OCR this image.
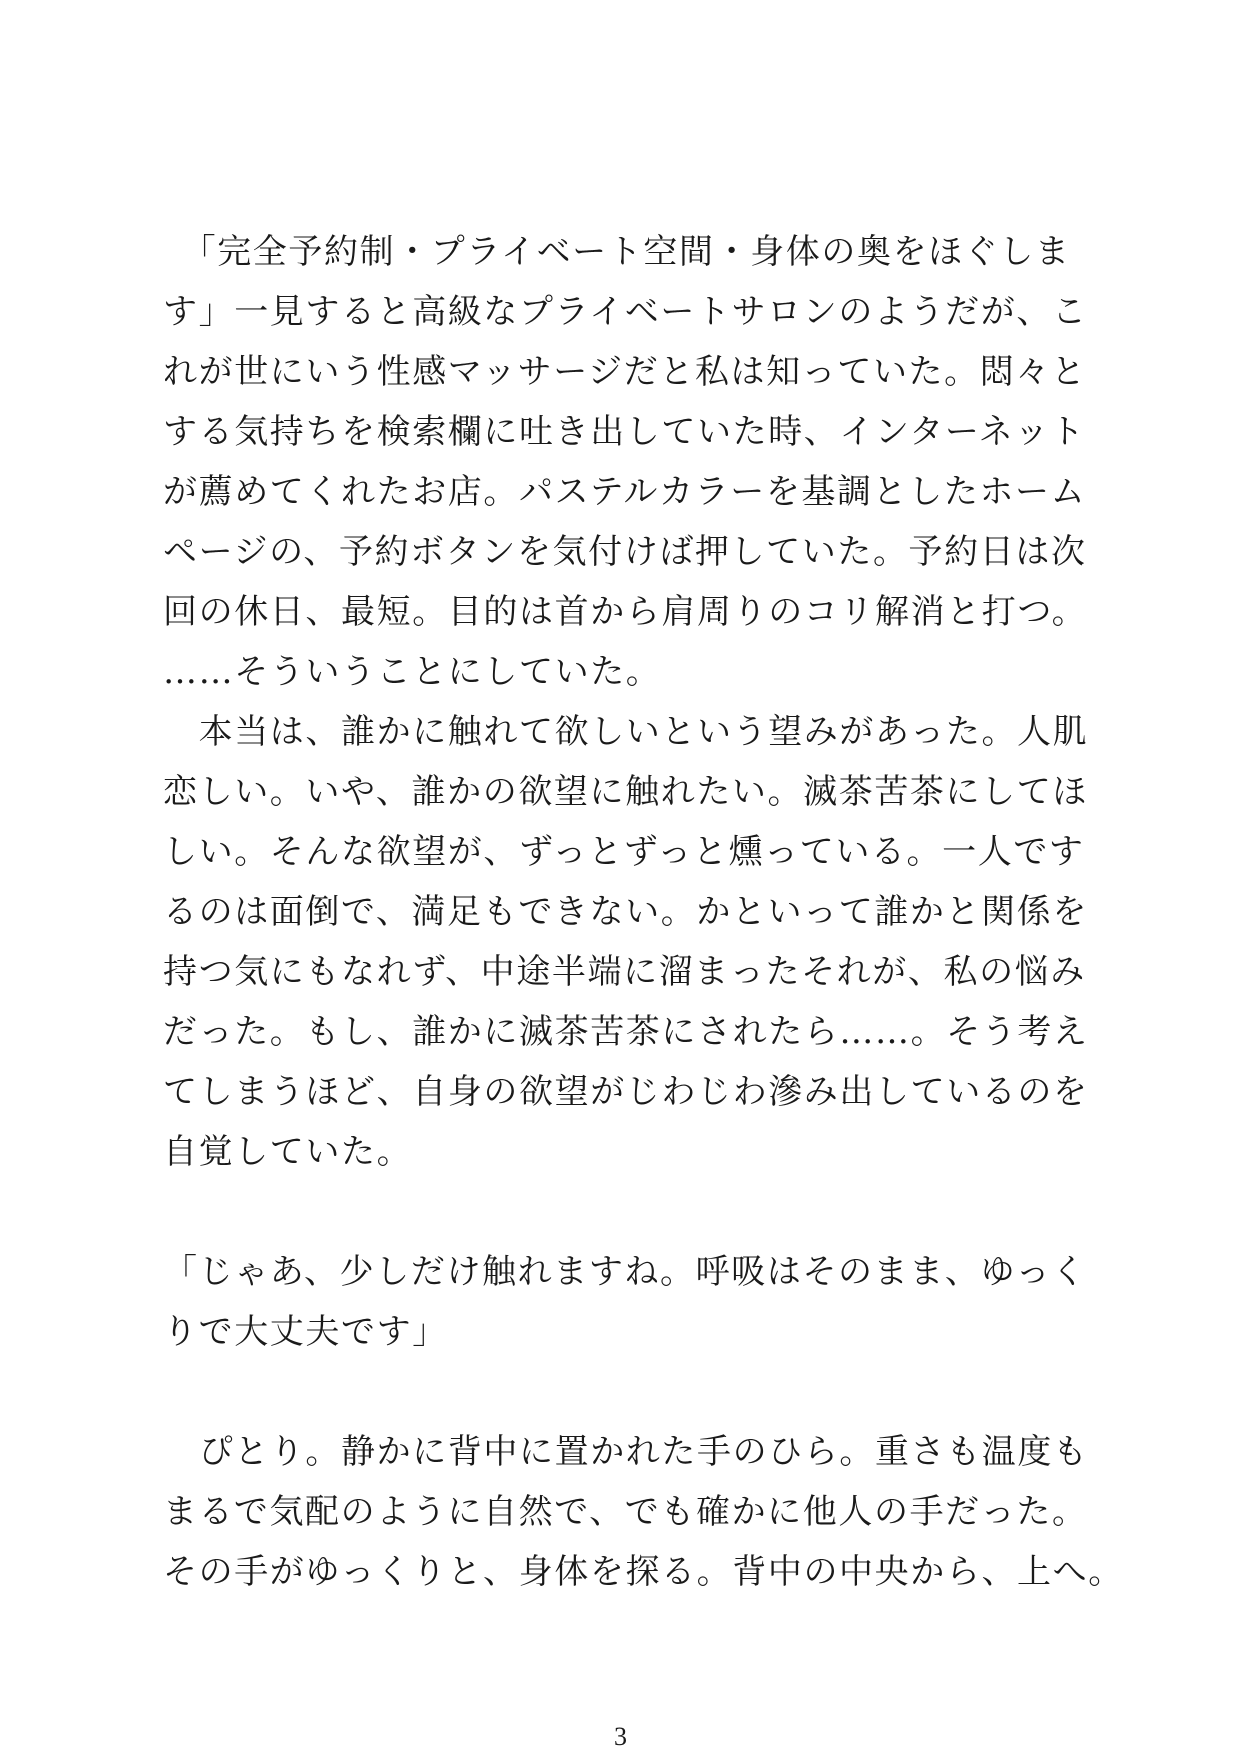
　「完全予約制・プライベート空間・身体の奥をほぐしま
す」一見すると高級なプライベートサロンのようだが、こ
れが世にいう性感マッサージだと私は知っていた。悶々と
する気持ちを検索欄に吐き出していた時、インターネット
が薦めてくれたお店。パステルカラーを基調としたホーム
ページの、予約ボタンを気付けば押していた。予約日は次
回の休日、最短。目的は首から肩周りのコリ解消と打つ。
……そういうことにしていた。
　本当は、誰かに触れて欲しいという望みがあった。人肌
恋しい。いや、誰かの欲望に触れたい。滅茶苦茶にしてほ
しい。そんな欲望が、ずっとずっと燻っている。一人です
るのは面倒で、満足もできない。かといって誰かと関係を
持つ気にもなれず、中途半端に溜まったそれが、私の悩み
だった。もし、誰かに滅茶苦茶にされたら……。そう考え
てしまうほど、自身の欲望がじわじわ滲み出しているのを
自覚していた。
「じゃあ、少しだけ触れますね。呼吸はそのまま、ゆっく
りで大丈夫です」
　ぴとり。静かに背中に置かれた手のひら。重さも温度も
まるで気配のように自然で、でも確かに他人の手だった。
その手がゆっくりと、身体を探る。背中の中央から、上へ。
3
